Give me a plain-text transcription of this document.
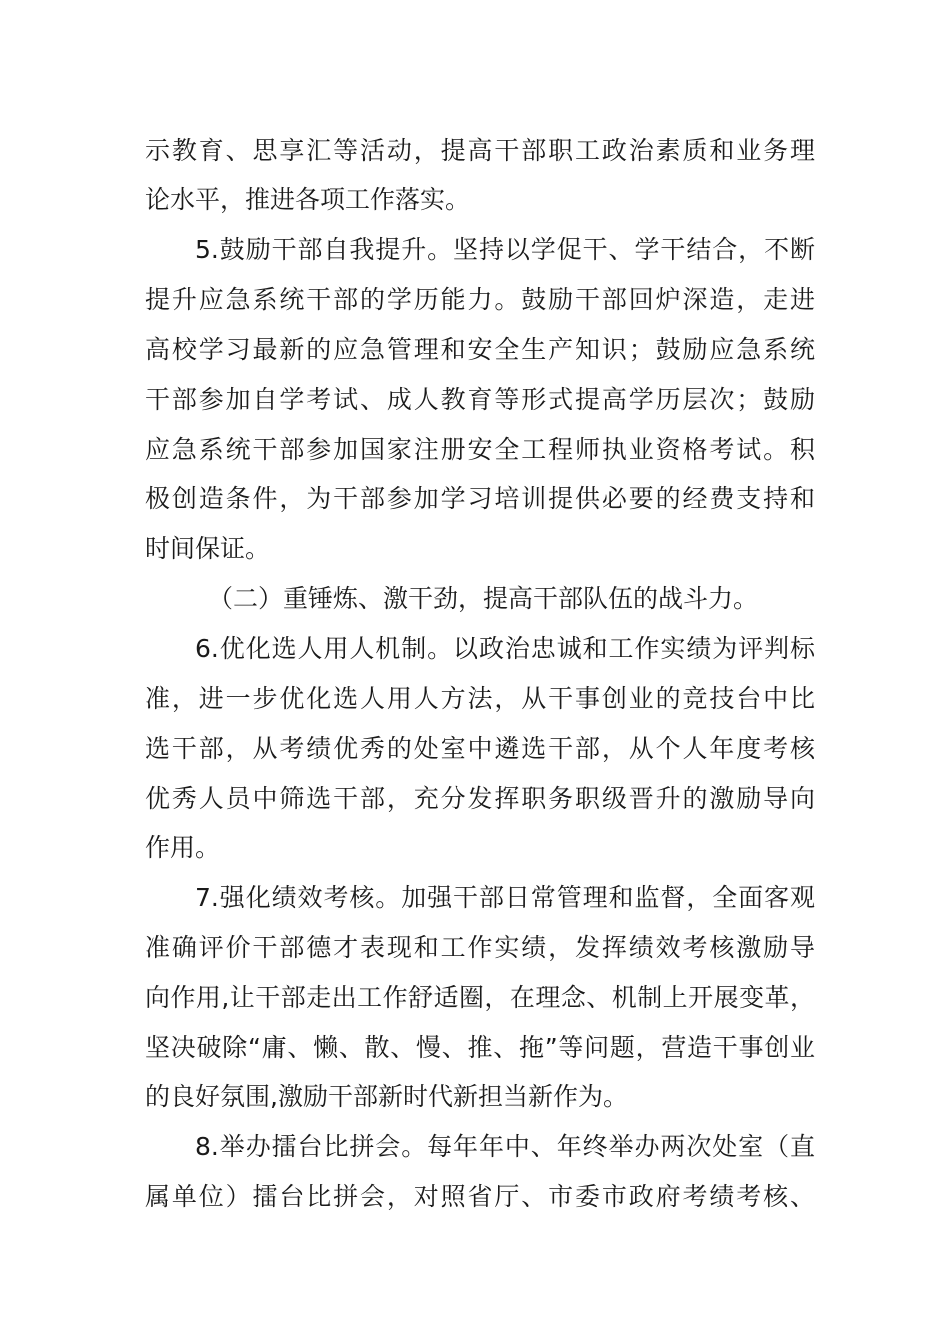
示教育、思享汇等活动，提高干部职工政治素质和业务理
论水平，推进各项工作落实。
5.鼓励干部自我提升。坚持以学促干、学干结合，不断
提升应急系统干部的学历能力。鼓励干部回炉深造，走进
高校学习最新的应急管理和安全生产知识；鼓励应急系统
干部参加自学考试、成人教育等形式提高学历层次；鼓励
应急系统干部参加国家注册安全工程师执业资格考试。积
极创造条件，为干部参加学习培训提供必要的经费支持和
时间保证。
（二）重锤炼、激干劲，提高干部队伍的战斗力。
6.优化选人用人机制。以政治忠诚和工作实绩为评判标
准，进一步优化选人用人方法，从干事创业的竞技台中比
选干部，从考绩优秀的处室中遴选干部，从个人年度考核
优秀人员中筛选干部，充分发挥职务职级晋升的激励导向
作用。
7.强化绩效考核。加强干部日常管理和监督，全面客观
准确评价干部德才表现和工作实绩，发挥绩效考核激励导
向作用,让干部走出工作舒适圈，在理念、机制上开展变革，
坚决破除“庸、懒、散、慢、推、拖”等问题，营造干事创业
的良好氛围,激励干部新时代新担当新作为。
8.举办擂台比拼会。每年年中、年终举办两次处室（直
属单位）擂台比拼会，对照省厅、市委市政府考绩考核、
